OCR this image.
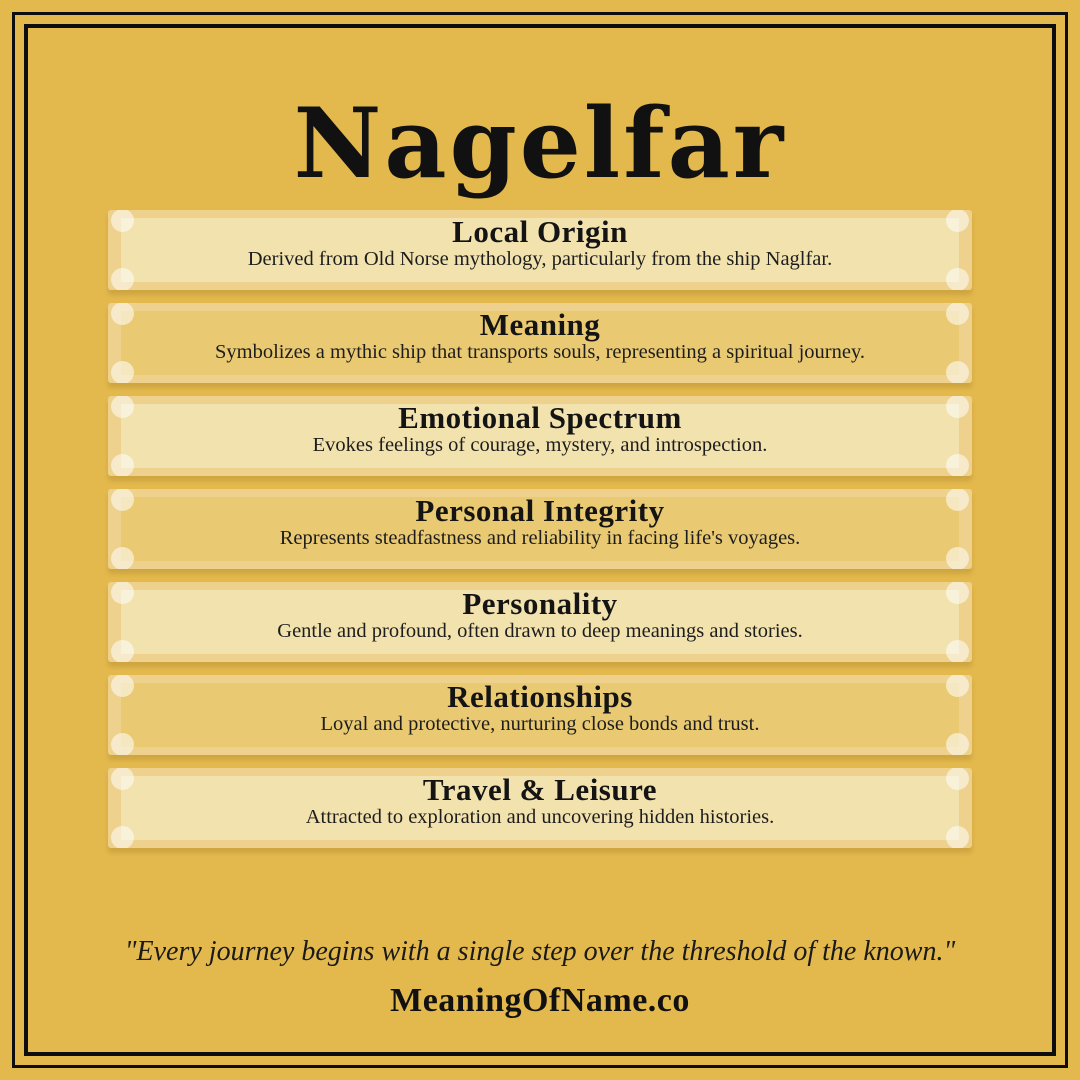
Nagelfar
Local Origin
Derived from Old Norse mythology, particularly from the ship Naglfar.
Meaning
Symbolizes a mythic ship that transports souls, representing a spiritual journey.
Emotional Spectrum
Evokes feelings of courage, mystery, and introspection.
Personal Integrity
Represents steadfastness and reliability in facing life's voyages.
Personality
Gentle and profound, often drawn to deep meanings and stories.
Relationships
Loyal and protective, nurturing close bonds and trust.
Travel & Leisure
Attracted to exploration and uncovering hidden histories.
"Every journey begins with a single step over the threshold of the known."
MeaningOfName.co
